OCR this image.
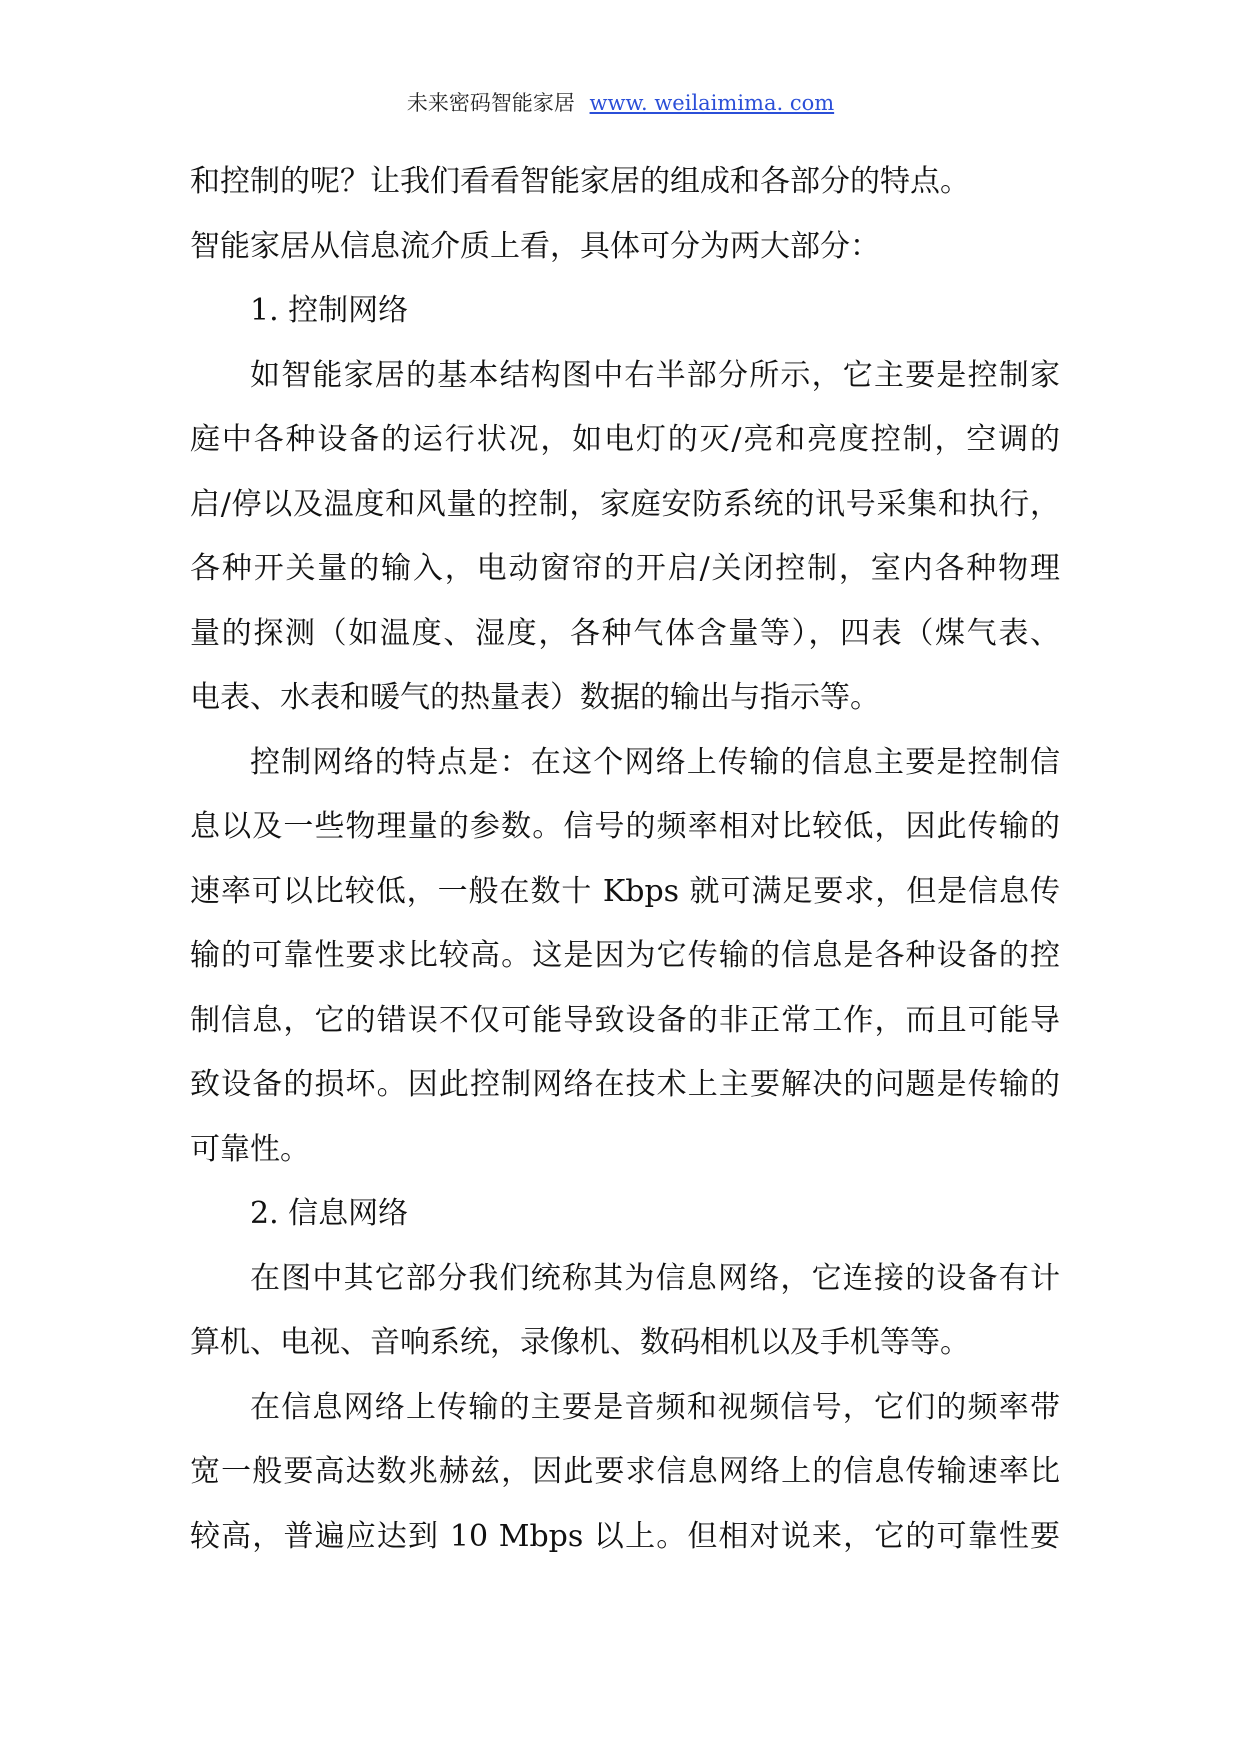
未来密码智能家居 www. weilaimima. com
和控制的呢？让我们看看智能家居的组成和各部分的特点。
智能家居从信息流介质上看，具体可分为两大部分：
1. 控制网络
如智能家居的基本结构图中右半部分所示，它主要是控制家
庭中各种设备的运行状况，如电灯的灭/亮和亮度控制，空调的
启/停以及温度和风量的控制，家庭安防系统的讯号采集和执行，
各种开关量的输入，电动窗帘的开启/关闭控制，室内各种物理
量的探测（如温度、湿度，各种气体含量等），四表（煤气表、
电表、水表和暖气的热量表）数据的输出与指示等。
控制网络的特点是：在这个网络上传输的信息主要是控制信
息以及一些物理量的参数。信号的频率相对比较低，因此传输的
速率可以比较低，一般在数十 Kbps 就可满足要求，但是信息传
输的可靠性要求比较高。这是因为它传输的信息是各种设备的控
制信息，它的错误不仅可能导致设备的非正常工作，而且可能导
致设备的损坏。因此控制网络在技术上主要解决的问题是传输的
可靠性。
2. 信息网络
在图中其它部分我们统称其为信息网络，它连接的设备有计
算机、电视、音响系统，录像机、数码相机以及手机等等。
在信息网络上传输的主要是音频和视频信号，它们的频率带
宽一般要高达数兆赫兹，因此要求信息网络上的信息传输速率比
较高，普遍应达到 10 Mbps 以上。但相对说来，它的可靠性要
